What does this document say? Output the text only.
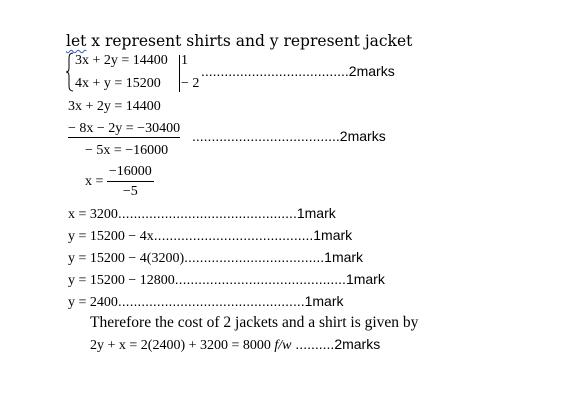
let x represent shirts and y represent jacket
3x + 2y = 14400
4x + y = 15200
1
− 2
......................................2marks
3x + 2y = 14400
− 8x − 2y = −30400
− 5x = −16000
......................................2marks
$x = \frac{-16000}{-5}$
x = 3200..............................................1mark
y = 15200 − 4x.........................................1mark
y = 15200 − 4(3200)....................................1mark
y = 15200 − 12800............................................1mark
y = 2400................................................1mark
Therefore the cost of 2 jackets and a shirt is given by
2y + x = 2(2400) + 3200 = 8000 f/w ..........2marks
